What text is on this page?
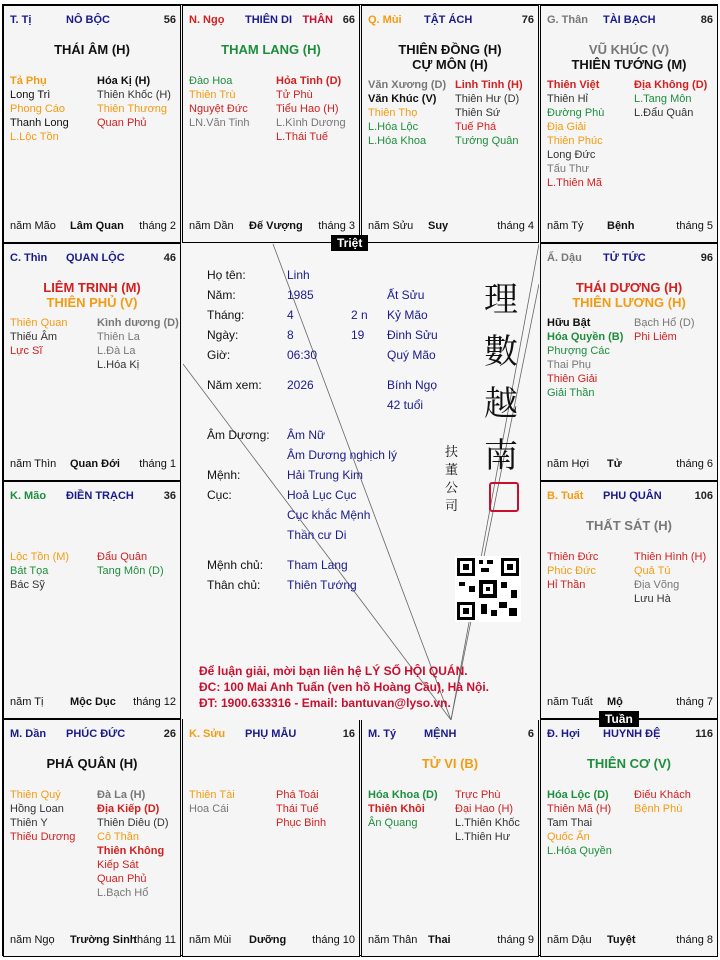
T. Tị	NÔ BỘC	56
THÁI ÂM (H)
Tả Phụ
Long Trì
Phong Cáo
Thanh Long
L.Lộc Tồn
Hóa Kị (H)
Thiên Khốc (H)
Thiên Thương
Quan Phủ
năm Mão Lâm Quan tháng 2
N. Ngọ THIÊN DI THÂN 66
THAM LANG (H)
Đào Hoa
Thiên Trù
Nguyệt Đức
LN.Văn Tinh
Hỏa Tinh (D)
Tử Phù
Tiểu Hao (H)
L.Kình Dương
L.Thái Tuế
năm Dần Đế Vượng tháng 3
Q. Mùi TẬT ÁCH	76
THIÊN ĐỒNG (H)
CỰ MÔN (H)
Văn Xương (D)
Văn Khúc (V)
Thiên Thọ
L.Hóa Lộc
L.Hóa Khoa
Linh Tinh (H)
Thiên Hư (D)
Thiên Sứ
Tuế Phá
Tướng Quân
năm Sửu Suy	tháng 4
G. Thân TÀI BẠCH	86
VŨ KHÚC (V)
THIÊN TƯỚNG (M)
Thiên Việt
Thiên Hỉ
Đường Phù
Địa Giải
Thiên Phúc
Long Đức
Tấu Thư
L.Thiên Mã
Địa Không (D)
L.Tang Môn
L.Đẩu Quân
năm Tý Bệnh	tháng 5
C. Thìn QUAN LỘC	46
LIÊM TRINH (M)
THIÊN PHỦ (V)
Thiên Quan
Thiếu Âm
Lực Sĩ
Kình dương (D)
Thiên La
L.Đà La
L.Hóa Kị
năm Thìn Quan Đới tháng 1
Ấ. Dậu TỬ TỨC	96
THÁI DƯƠNG (H)
THIÊN LƯƠNG (H)
Hữu Bật
Hóa Quyền (B)
Phượng Các
Thai Phụ
Thiên Giải
Giải Thần
Bạch Hổ (D)
Phi Liêm
năm Hợi Tử	tháng 6
K. Mão ĐIỀN TRẠCH	36
Lộc Tồn (M)
Bát Tọa
Bác Sỹ
Đẩu Quân
Tang Môn (D)
năm Tị Mộc Dục tháng 12
B. Tuất PHU QUÂN	106
THẤT SÁT (H)
Thiên Đức
Phúc Đức
Hỉ Thần
Thiên Hình (H)
Quả Tú
Địa Võng
Lưu Hà
năm Tuất Mộ	tháng 7
M. Dần PHÚC ĐỨC	26
PHÁ QUÂN (H)
Thiên Quý
Hồng Loan
Thiên Y
Thiếu Dương
Đà La (H)
Địa Kiếp (D)
Thiên Diêu (D)
Cô Thần
Thiên Không
Kiếp Sát
Quan Phủ
L.Bạch Hổ
năm Ngọ Trường Sinh
tháng 11
K. Sửu PHỤ MẪU	16
Thiên Tài
Hoa Cái
Phá Toái
Thái Tuế
Phục Binh
năm Mùi Dưỡng tháng 10
M. Tý	MỆNH	6
TỬ VI (B)
Hóa Khoa (D)
Thiên Khôi
Ân Quang
Trực Phù
Đại Hao (H)
L.Thiên Khốc
L.Thiên Hư
năm Thân Thai	tháng 9
Đ. Hợi HUYNH ĐỆ	116
THIÊN CƠ (V)
Hóa Lộc (D)
Thiên Mã (H)
Tam Thai
Quốc Ấn
L.Hóa Quyền
Điếu Khách
Bệnh Phù
năm Dậu Tuyệt	tháng 8
Họ tên:	Linh
Năm:	1985	Ất Sửu
Tháng:	4	2 n Kỷ Mão
Ngày:	8	19 Đinh Sửu
Giờ:	06:30	Quý Mão
Năm xem: 2026	Bính Ngọ
42 tuổi
Âm Dương: Âm Nữ
Âm Dương nghịch lý
Mệnh:	Hải Trung Kim
Cục:	Hoả Lục Cục
Cục khắc Mệnh
Thần cư Di
Mệnh chủ: Tham Lang
Thân chủ: Thiên Tướng
理
數
越
南
扶董公司
Để luận giải, mời bạn liên hệ LÝ SỐ HỘI QUÁN.
ĐC: 100 Mai Anh Tuấn (ven hồ Hoàng Cầu), Hà Nội.
ĐT: 1900.633316 - Email: bantuvan@lyso.vn.
Triệt
Tuần
